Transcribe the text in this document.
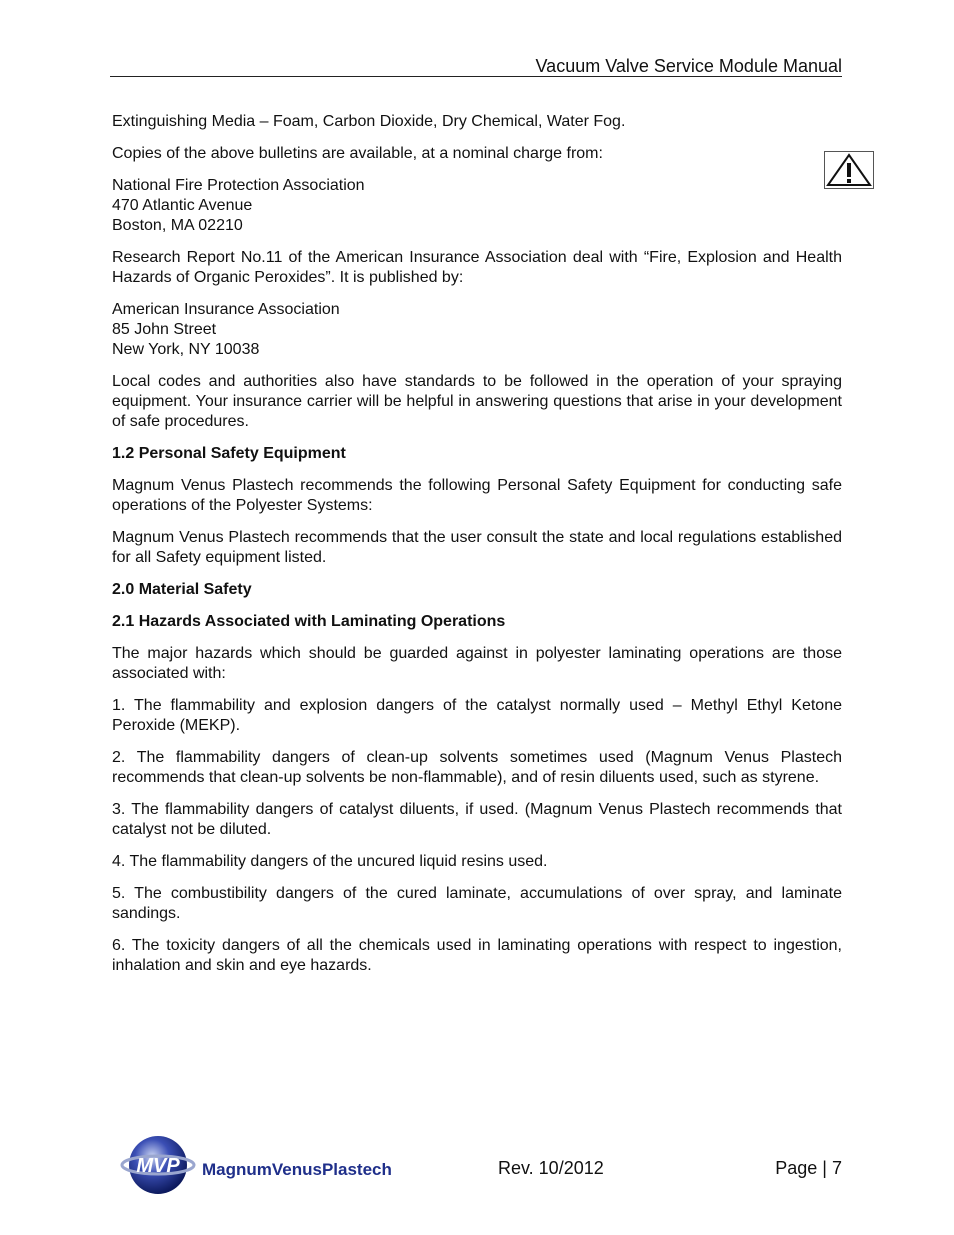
Vacuum Valve Service Module Manual

Extinguishing Media – Foam, Carbon Dioxide, Dry Chemical, Water Fog.

Copies of the above bulletins are available, at a nominal charge from:

National Fire Protection Association
470 Atlantic Avenue
Boston, MA 02210

Research Report No.11 of the American Insurance Association deal with “Fire, Explosion and Health Hazards of Organic Peroxides”. It is published by:

American Insurance Association
85 John Street
New York, NY 10038

Local codes and authorities also have standards to be followed in the operation of your spraying equipment. Your insurance carrier will be helpful in answering questions that arise in your development of safe procedures.

1.2 Personal Safety Equipment

Magnum Venus Plastech recommends the following Personal Safety Equipment for conducting safe operations of the Polyester Systems:

Magnum Venus Plastech recommends that the user consult the state and local regulations established for all Safety equipment listed.

2.0 Material Safety

2.1 Hazards Associated with Laminating Operations

The major hazards which should be guarded against in polyester laminating operations are those associated with:

1. The flammability and explosion dangers of the catalyst normally used – Methyl Ethyl Ketone Peroxide (MEKP).

2. The flammability dangers of clean-up solvents sometimes used (Magnum Venus Plastech recommends that clean-up solvents be non-flammable), and of resin diluents used, such as styrene.

3. The flammability dangers of catalyst diluents, if used. (Magnum Venus Plastech recommends that catalyst not be diluted.

4. The flammability dangers of the uncured liquid resins used.

5. The combustibility dangers of the cured laminate, accumulations of over spray, and laminate sandings.

6. The toxicity dangers of all the chemicals used in laminating operations with respect to ingestion, inhalation and skin and eye hazards.

MVP MagnumVenusPlastech	Rev. 10/2012	Page | 7
